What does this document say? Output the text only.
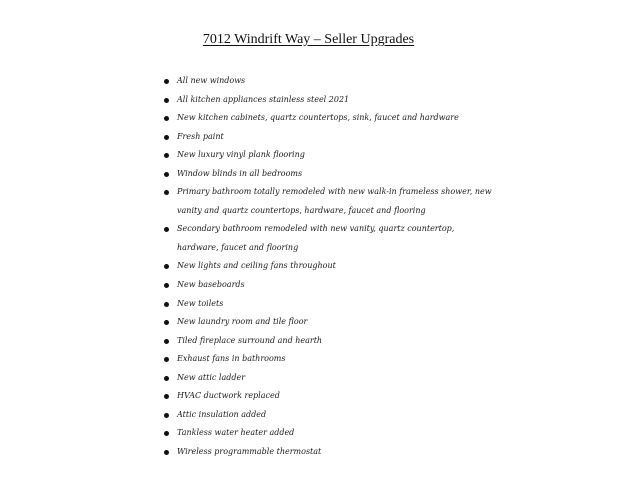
7012 Windrift Way – Seller Upgrades
All new windows
All kitchen appliances stainless steel 2021
New kitchen cabinets, quartz countertops, sink, faucet and hardware
Fresh paint
New luxury vinyl plank flooring
Window blinds in all bedrooms
Primary bathroom totally remodeled with new walk-in frameless shower, new vanity and quartz countertops, hardware, faucet and flooring
Secondary bathroom remodeled with new vanity, quartz countertop, hardware, faucet and flooring
New lights and ceiling fans throughout
New baseboards
New toilets
New laundry room and tile floor
Tiled fireplace surround and hearth
Exhaust fans in bathrooms
New attic ladder
HVAC ductwork replaced
Attic insulation added
Tankless water heater added
Wireless programmable thermostat
